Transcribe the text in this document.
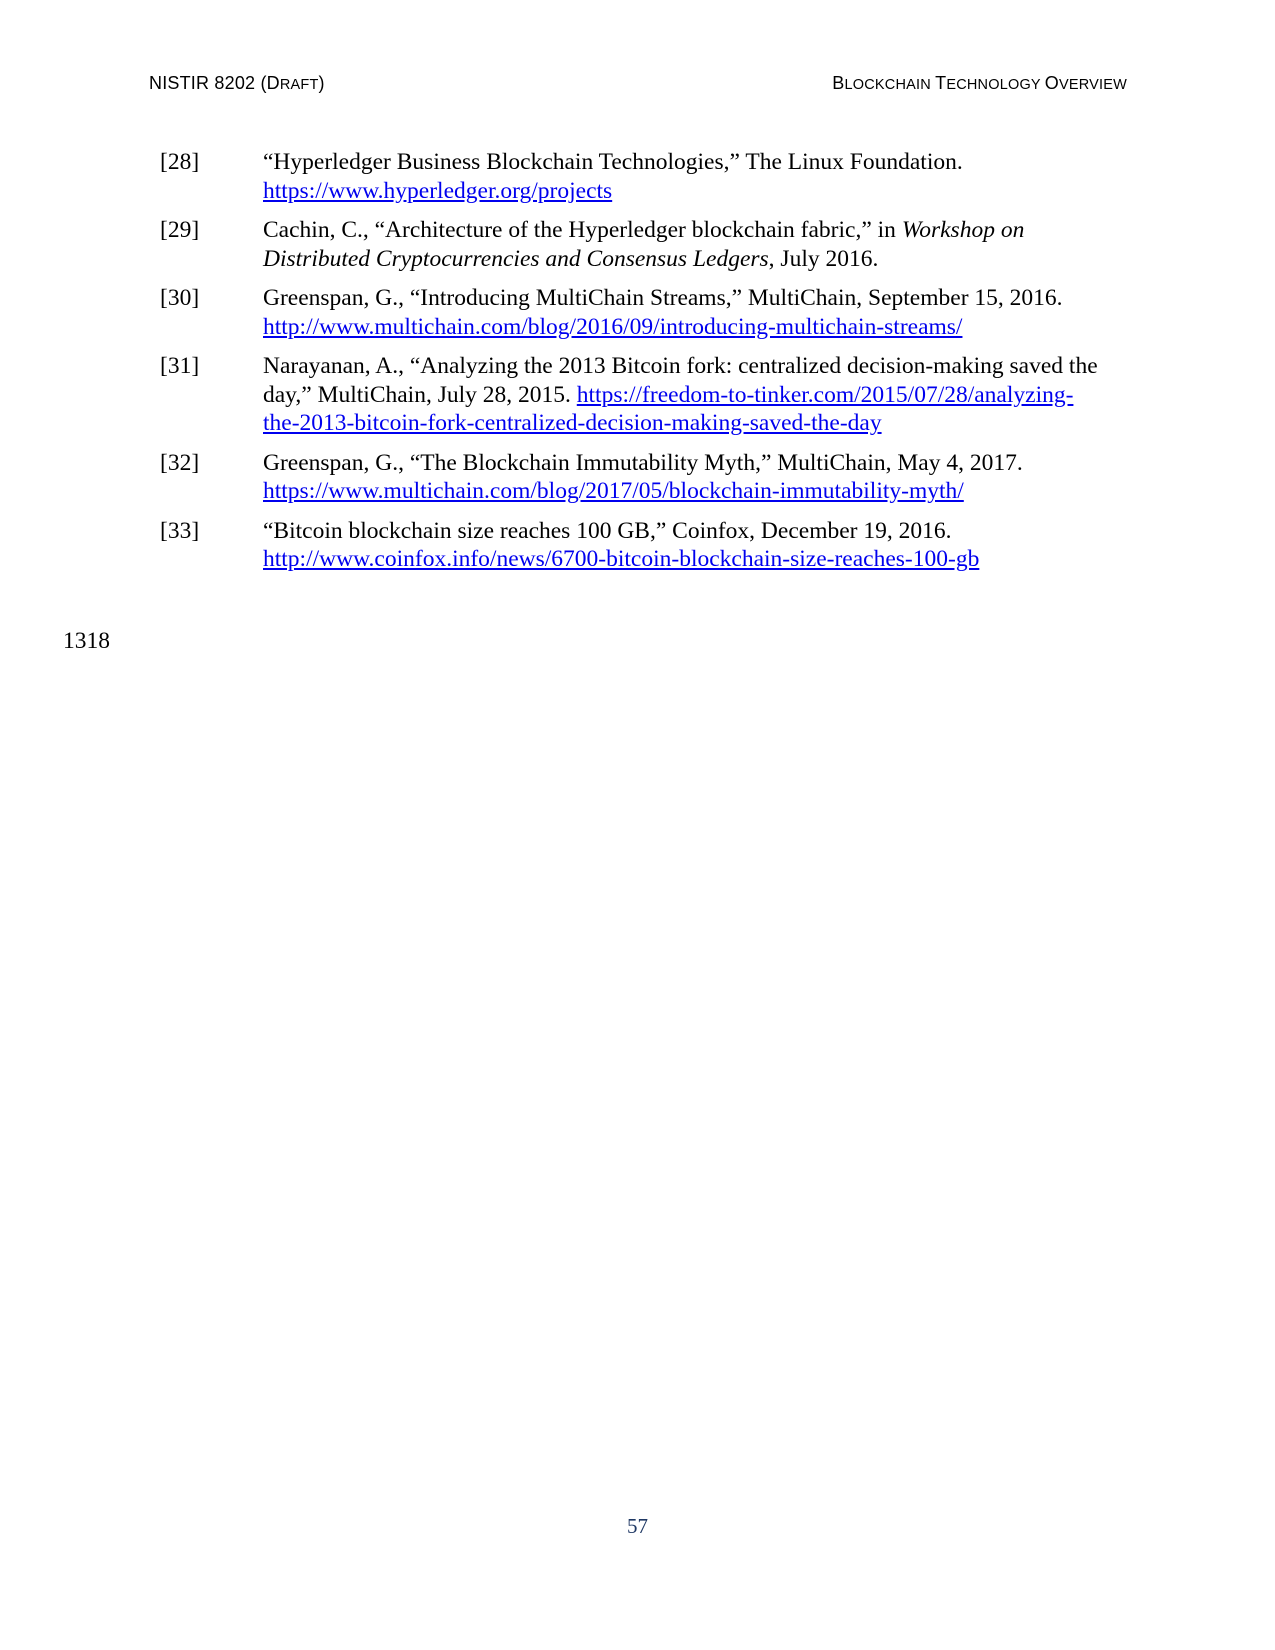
NISTIR 8202 (DRAFT)	BLOCKCHAIN TECHNOLOGY OVERVIEW
[28]	“Hyperledger Business Blockchain Technologies,” The Linux Foundation. https://www.hyperledger.org/projects
[29]	Cachin, C., “Architecture of the Hyperledger blockchain fabric,” in Workshop on Distributed Cryptocurrencies and Consensus Ledgers, July 2016.
[30]	Greenspan, G., “Introducing MultiChain Streams,” MultiChain, September 15, 2016. http://www.multichain.com/blog/2016/09/introducing-multichain-streams/
[31]	Narayanan, A., “Analyzing the 2013 Bitcoin fork: centralized decision-making saved the day,” MultiChain, July 28, 2015. https://freedom-to-tinker.com/2015/07/28/analyzing-the-2013-bitcoin-fork-centralized-decision-making-saved-the-day
[32]	Greenspan, G., “The Blockchain Immutability Myth,” MultiChain, May 4, 2017. https://www.multichain.com/blog/2017/05/blockchain-immutability-myth/
[33]	“Bitcoin blockchain size reaches 100 GB,” Coinfox, December 19, 2016. http://www.coinfox.info/news/6700-bitcoin-blockchain-size-reaches-100-gb
1318
57
